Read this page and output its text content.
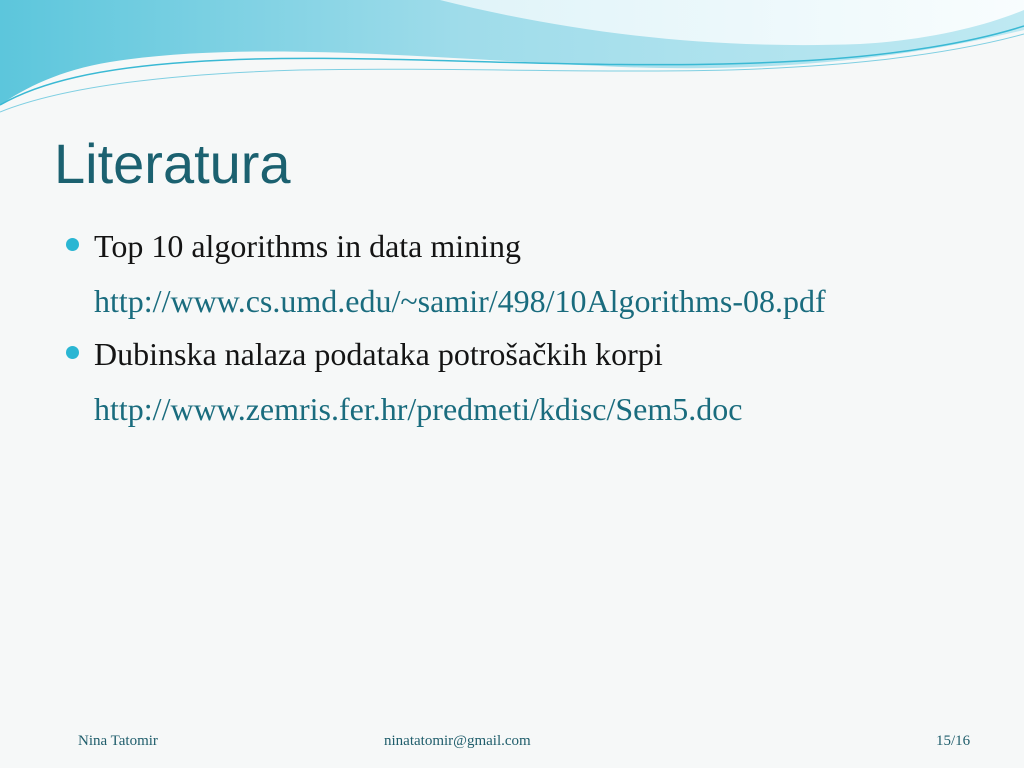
Literatura
Top 10 algorithms in data mining
http://www.cs.umd.edu/~samir/498/10Algorithms-08.pdf
Dubinska nalaza podataka potrošačkih korpi
http://www.zemris.fer.hr/predmeti/kdisc/Sem5.doc
Nina Tatomir	ninatatomir@gmail.com	15/16
